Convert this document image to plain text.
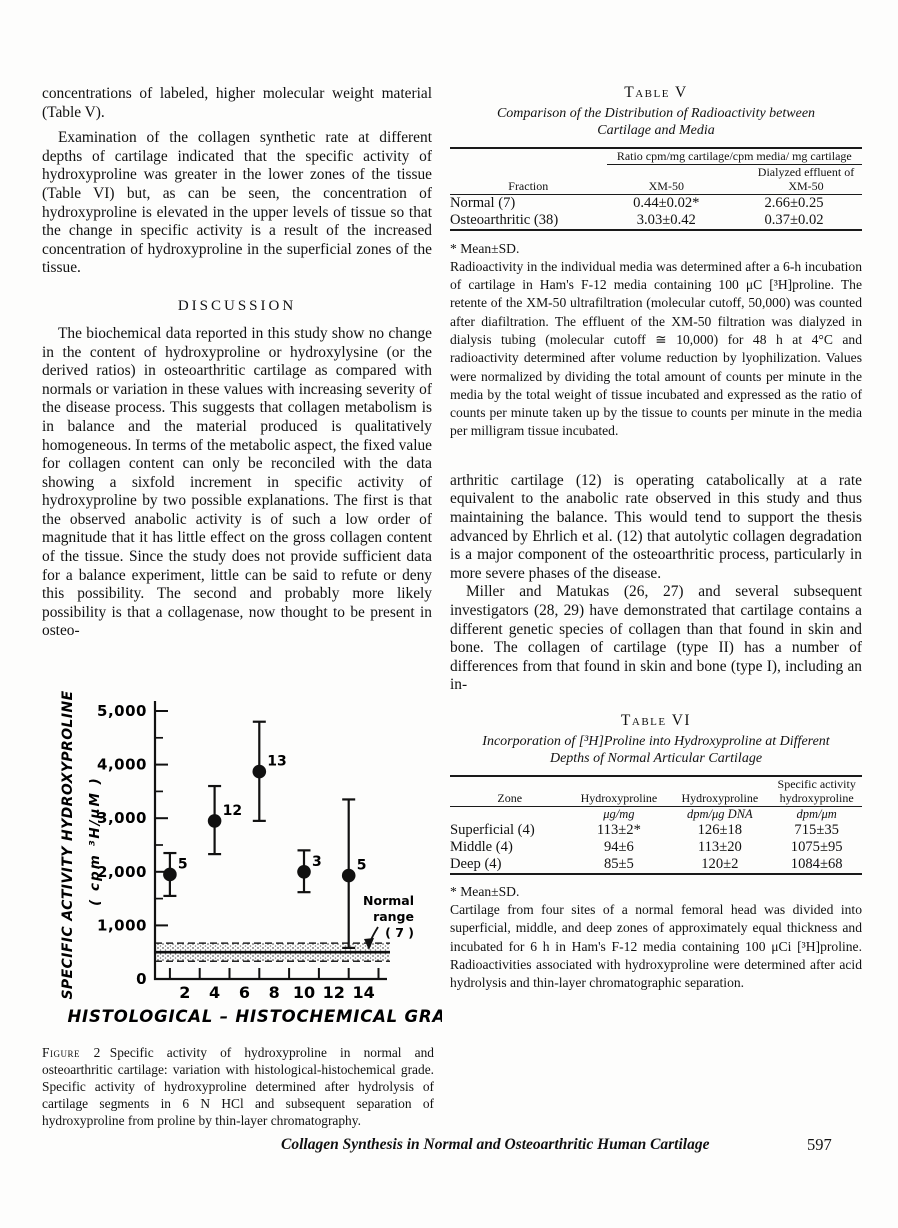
concentrations of labeled, higher molecular weight material (Table V).

Examination of the collagen synthetic rate at different depths of cartilage indicated that the specific activity of hydroxyproline was greater in the lower zones of the tissue (Table VI) but, as can be seen, the concentration of hydroxyproline is elevated in the upper levels of tissue so that the change in specific activity is a result of the increased concentration of hydroxyproline in the superficial zones of the tissue.

DISCUSSION

The biochemical data reported in this study show no change in the content of hydroxyproline or hydroxylysine (or the derived ratios) in osteoarthritic cartilage as compared with normals or variation in these values with increasing severity of the disease process. This suggests that collagen metabolism is in balance and the material produced is qualitatively homogeneous. In terms of the metabolic aspect, the fixed value for collagen content can only be reconciled with the data showing a sixfold increment in specific activity of hydroxyproline by two possible explanations. The first is that the observed anabolic activity is of such a low order of magnitude that it has little effect on the gross collagen content of the tissue. Since the study does not provide sufficient data for a balance experiment, little can be said to refute or deny this possibility. The second and probably more likely possibility is that a collagenase, now thought to be present in osteo-

0
1,000
2,000
3,000
4,000
5,000
2 4 6 8 10 12 14
5
12
13
3 5
SPECIFIC ACTIVITY HYDROXYPROLINE ( cpm ³H/μM )
HISTOLOGICAL – HISTOCHEMICAL GRADE
Normal
range
( 7 )
Figure 2 Specific activity of hydroxyproline in normal and osteoarthritic cartilage: variation with histological-histochemical grade. Specific activity of hydroxyproline determined after hydrolysis of cartilage segments in 6 N HCl and subsequent separation of hydroxyproline from proline by thin-layer chromatography.
Table V
Comparison of the Distribution of Radioactivity between Cartilage and Media
	Ratio cpm/mg cartilage/cpm media/ mg cartilage	
Fraction	XM-50	Dialyzed effluent of XM-50
Normal (7)	0.44±0.02*	2.66±0.25
Osteoarthritic (38)	3.03±0.42	0.37±0.02

* Mean±SD.

Radioactivity in the individual media was determined after a 6-h incubation of cartilage in Ham's F-12 media containing 100 μC [³H]proline. The retente of the XM-50 ultrafiltration (molecular cutoff, 50,000) was counted after diafiltration. The effluent of the XM-50 filtration was dialyzed in dialysis tubing (molecular cutoff ≅ 10,000) for 48 h at 4°C and radioactivity determined after volume reduction by lyophilization. Values were normalized by dividing the total amount of counts per minute in the media by the total weight of tissue incubated and expressed as the ratio of counts per minute taken up by the tissue to counts per minute in the media per milligram tissue incubated.

arthritic cartilage (12) is operating catabolically at a rate equivalent to the anabolic rate observed in this study and thus maintaining the balance. This would tend to support the thesis advanced by Ehrlich et al. (12) that autolytic collagen degradation is a major component of the osteoarthritic process, particularly in more severe phases of the disease.

Miller and Matukas (26, 27) and several subsequent investigators (28, 29) have demonstrated that cartilage contains a different genetic species of collagen than that found in skin and bone. The collagen of cartilage (type II) has a number of differences from that found in skin and bone (type I), including an in-

Table VI
Incorporation of [³H]Proline into Hydroxyproline at Different Depths of Normal Articular Cartilage
Zone	Hydroxyproline	Hydroxyproline	Specific activity hydroxyproline
	μg/mg	dpm/μg DNA	dpm/μm
Superficial (4)	113±2*	126±18	715±35
Middle (4)	94±6	113±20	1075±95
Deep (4)	85±5	120±2	1084±68

* Mean±SD.

Cartilage from four sites of a normal femoral head was divided into superficial, middle, and deep zones of approximately equal thickness and incubated for 6 h in Ham's F-12 media containing 100 μCi [³H]proline. Radioactivities associated with hydroxyproline were determined after acid hydrolysis and thin-layer chromatographic separation.

Collagen Synthesis in Normal and Osteoarthritic Human Cartilage	597
